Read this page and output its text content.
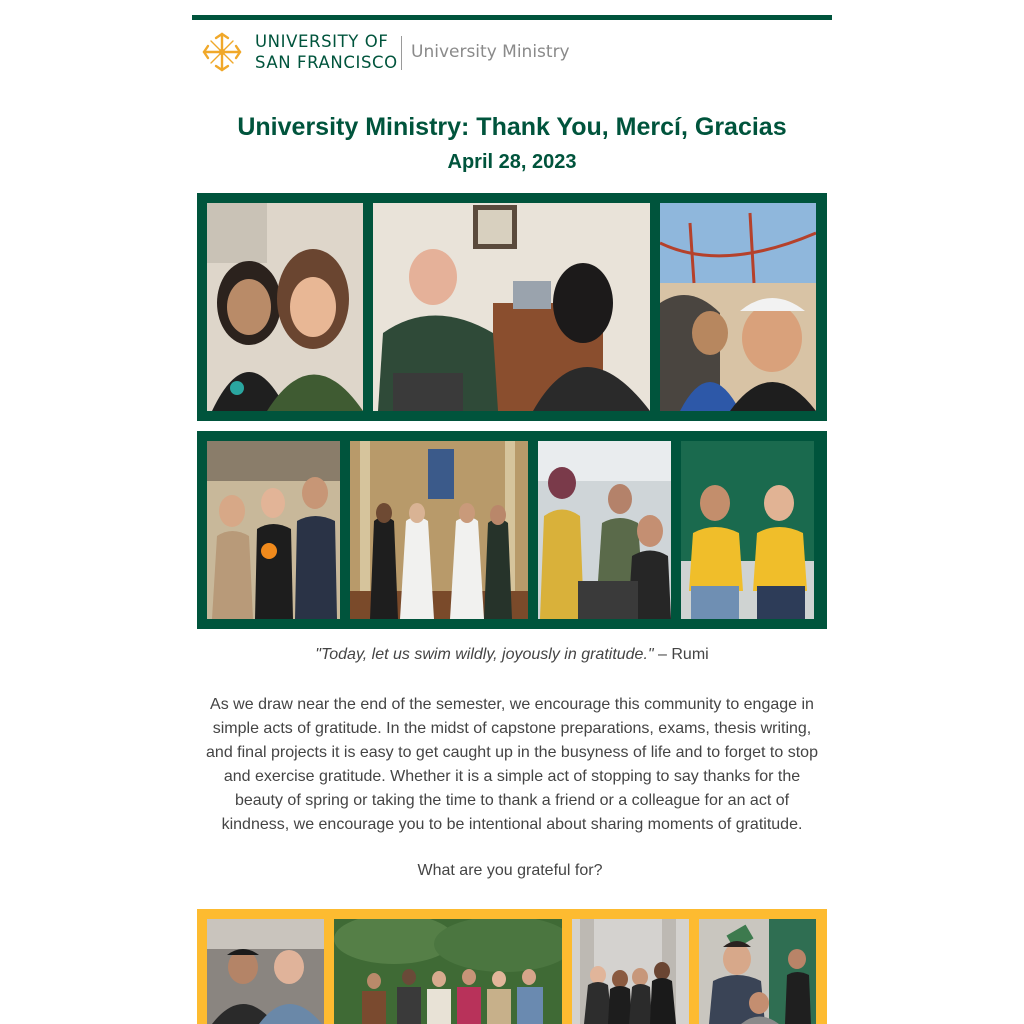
UNIVERSITY OF
SAN FRANCISCO
University Ministry
University Ministry: Thank You, Mercí, Gracias
April 28, 2023
"Today, let us swim wildly, joyously in gratitude." – Rumi

As we draw near the end of the semester, we encourage this community to engage in simple acts of gratitude. In the midst of capstone preparations, exams, thesis writing, and final projects it is easy to get caught up in the busyness of life and to forget to stop and exercise gratitude. Whether it is a simple act of stopping to say thanks for the beauty of spring or taking the time to thank a friend or a colleague for an act of kindness, we encourage you to be intentional about sharing moments of gratitude.

What are you grateful for?
